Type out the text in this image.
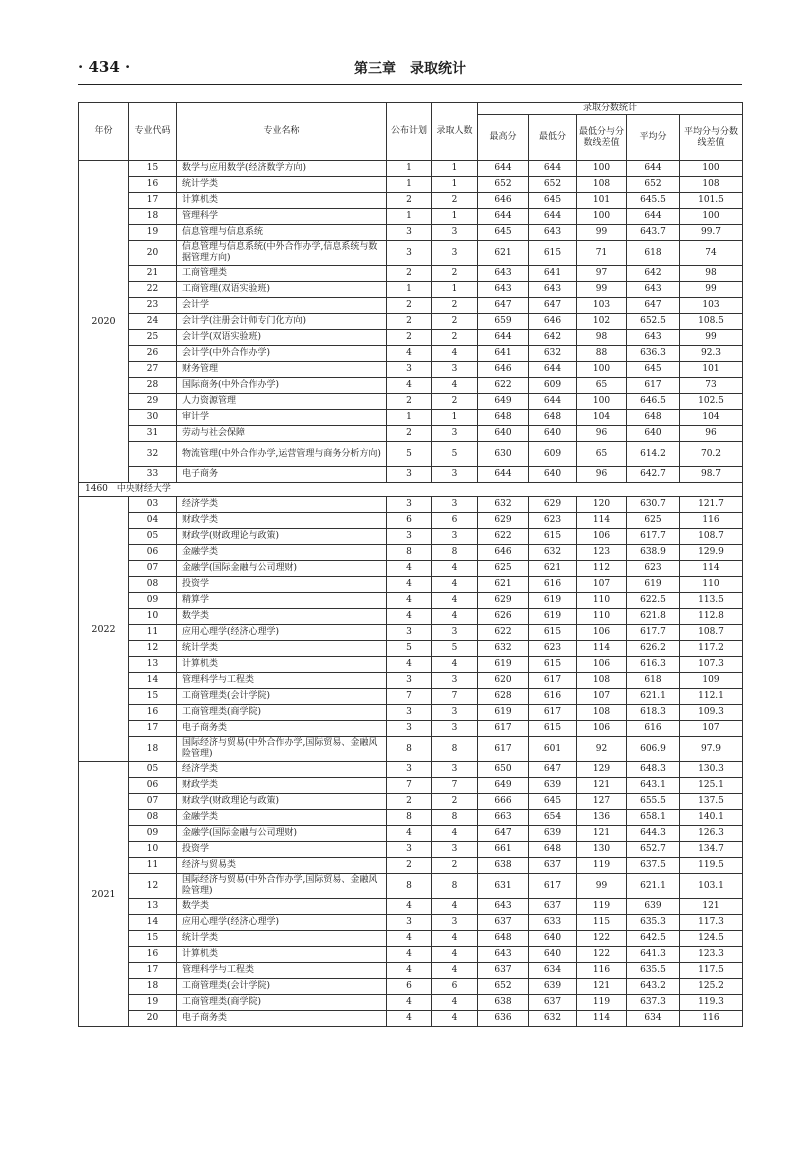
· 434 ·	第三章　录取统计
年份	专业代码	专业名称	公布计划	录取人数	录取分数统计				
					最高分	最低分	最低分与分数线差值	平均分	平均分与分数线差值
2020	15	数学与应用数学(经济数学方向)	1	1	644	644	100	644	100
	16	统计学类	1	1	652	652	108	652	108
	17	计算机类	2	2	646	645	101	645.5	101.5
	18	管理科学	1	1	644	644	100	644	100
	19	信息管理与信息系统	3	3	645	643	99	643.7	99.7
	20	信息管理与信息系统(中外合作办学,信息系统与数据管理方向)	3	3	621	615	71	618	74
	21	工商管理类	2	2	643	641	97	642	98
	22	工商管理(双语实验班)	1	1	643	643	99	643	99
	23	会计学	2	2	647	647	103	647	103
	24	会计学(注册会计师专门化方向)	2	2	659	646	102	652.5	108.5
	25	会计学(双语实验班)	2	2	644	642	98	643	99
	26	会计学(中外合作办学)	4	4	641	632	88	636.3	92.3
	27	财务管理	3	3	646	644	100	645	101
	28	国际商务(中外合作办学)	4	4	622	609	65	617	73
	29	人力资源管理	2	2	649	644	100	646.5	102.5
	30	审计学	1	1	648	648	104	648	104
	31	劳动与社会保障	2	3	640	640	96	640	96
	32	物流管理(中外合作办学,运营管理与商务分析方向)	5	5	630	609	65	614.2	70.2
	33	电子商务	3	3	644	640	96	642.7	98.7
1460　中央财经大学									
2022	03	经济学类	3	3	632	629	120	630.7	121.7
	04	财政学类	6	6	629	623	114	625	116
	05	财政学(财政理论与政策)	3	3	622	615	106	617.7	108.7
	06	金融学类	8	8	646	632	123	638.9	129.9
	07	金融学(国际金融与公司理财)	4	4	625	621	112	623	114
	08	投资学	4	4	621	616	107	619	110
	09	精算学	4	4	629	619	110	622.5	113.5
	10	数学类	4	4	626	619	110	621.8	112.8
	11	应用心理学(经济心理学)	3	3	622	615	106	617.7	108.7
	12	统计学类	5	5	632	623	114	626.2	117.2
	13	计算机类	4	4	619	615	106	616.3	107.3
	14	管理科学与工程类	3	3	620	617	108	618	109
	15	工商管理类(会计学院)	7	7	628	616	107	621.1	112.1
	16	工商管理类(商学院)	3	3	619	617	108	618.3	109.3
	17	电子商务类	3	3	617	615	106	616	107
	18	国际经济与贸易(中外合作办学,国际贸易、金融风险管理)	8	8	617	601	92	606.9	97.9
2021	05	经济学类	3	3	650	647	129	648.3	130.3
	06	财政学类	7	7	649	639	121	643.1	125.1
	07	财政学(财政理论与政策)	2	2	666	645	127	655.5	137.5
	08	金融学类	8	8	663	654	136	658.1	140.1
	09	金融学(国际金融与公司理财)	4	4	647	639	121	644.3	126.3
	10	投资学	3	3	661	648	130	652.7	134.7
	11	经济与贸易类	2	2	638	637	119	637.5	119.5
	12	国际经济与贸易(中外合作办学,国际贸易、金融风险管理)	8	8	631	617	99	621.1	103.1
	13	数学类	4	4	643	637	119	639	121
	14	应用心理学(经济心理学)	3	3	637	633	115	635.3	117.3
	15	统计学类	4	4	648	640	122	642.5	124.5
	16	计算机类	4	4	643	640	122	641.3	123.3
	17	管理科学与工程类	4	4	637	634	116	635.5	117.5
	18	工商管理类(会计学院)	6	6	652	639	121	643.2	125.2
	19	工商管理类(商学院)	4	4	638	637	119	637.3	119.3
	20	电子商务类	4	4	636	632	114	634	116
